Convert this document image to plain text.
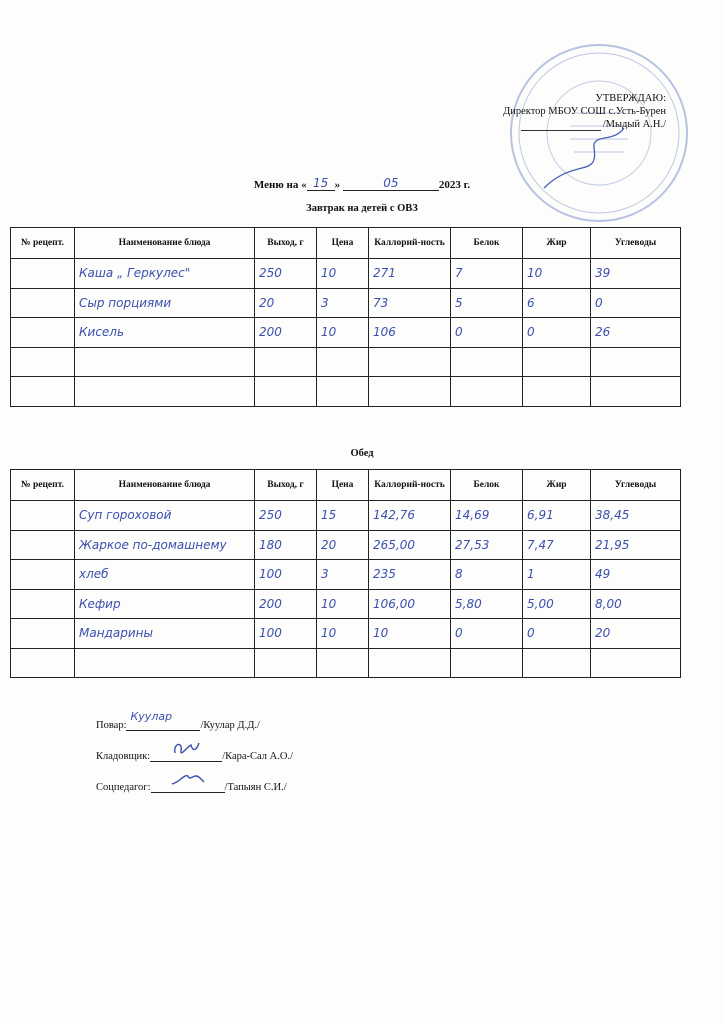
УТВЕРЖДАЮ:
Директор МБОУ СОШ с.Усть-Бурен
/Мыдый А.Н./
Меню на « 15 »	05	2023 г.
Завтрак на детей с ОВЗ
№ рецепт.	Наименование блюда	Выход, г	Цена	Каллорий-ность	Белок	Жир	Углеводы
	Каша „ Геркулес"	250	10	271	7	10	39
	Сыр порциями	20	3	73	5	6	0
	Кисель	200	10	106	0	0	26

Обед
№ рецепт.	Наименование блюда	Выход, г	Цена	Каллорий-ность	Белок	Жир	Углеводы
	Суп гороховой	250	15	142,76	14,69	6,91	38,45
	Жаркое по-домашнему	180	20	265,00	27,53	7,47	21,95
	хлеб	100	3	235	8	1	49
	Кефир	200	10	106,00	5,80	5,00	8,00
	Мандарины	100	10	10	0	0	20

Повар:
Куулар
/Куулар Д.Д./
Кладовщик:	/Кара-Сал А.О./
Соцпедагог:	/Тапыян С.И./
